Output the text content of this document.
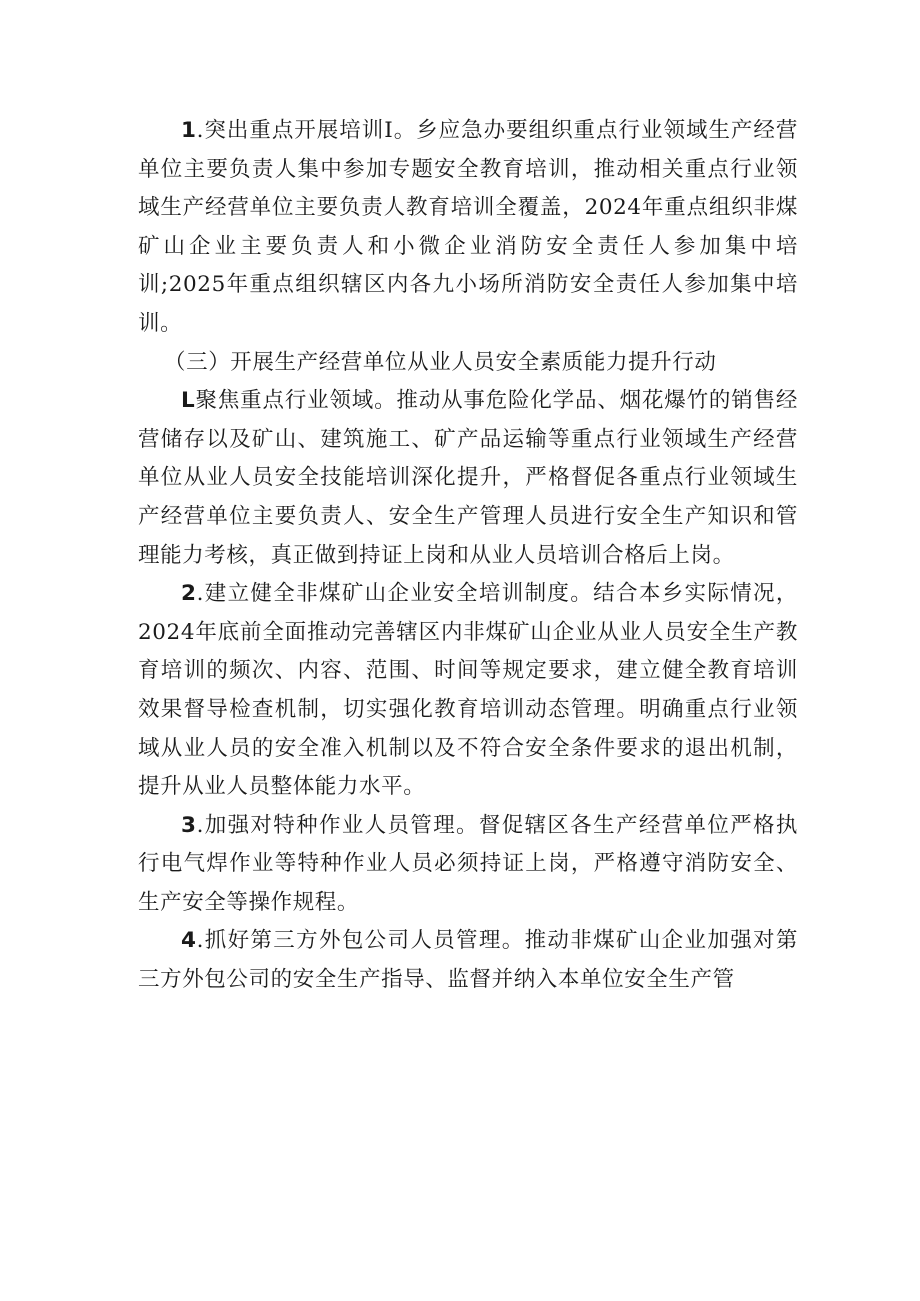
1.突出重点开展培训I。乡应急办要组织重点行业领域生产经营单位主要负责人集中参加专题安全教育培训，推动相关重点行业领域生产经营单位主要负责人教育培训全覆盖，2024年重点组织非煤矿山企业主要负责人和小微企业消防安全责任人参加集中培训;2025年重点组织辖区内各九小场所消防安全责任人参加集中培训。

（三）开展生产经营单位从业人员安全素质能力提升行动

L聚焦重点行业领域。推动从事危险化学品、烟花爆竹的销售经营储存以及矿山、建筑施工、矿产品运输等重点行业领域生产经营单位从业人员安全技能培训深化提升，严格督促各重点行业领域生产经营单位主要负责人、安全生产管理人员进行安全生产知识和管理能力考核，真正做到持证上岗和从业人员培训合格后上岗。

2.建立健全非煤矿山企业安全培训制度。结合本乡实际情况，2024年底前全面推动完善辖区内非煤矿山企业从业人员安全生产教育培训的频次、内容、范围、时间等规定要求，建立健全教育培训效果督导检查机制，切实强化教育培训动态管理。明确重点行业领域从业人员的安全准入机制以及不符合安全条件要求的退出机制，提升从业人员整体能力水平。

3.加强对特种作业人员管理。督促辖区各生产经营单位严格执行电气焊作业等特种作业人员必须持证上岗，严格遵守消防安全、生产安全等操作规程。

4.抓好第三方外包公司人员管理。推动非煤矿山企业加强对第三方外包公司的安全生产指导、监督并纳入本单位安全生产管
